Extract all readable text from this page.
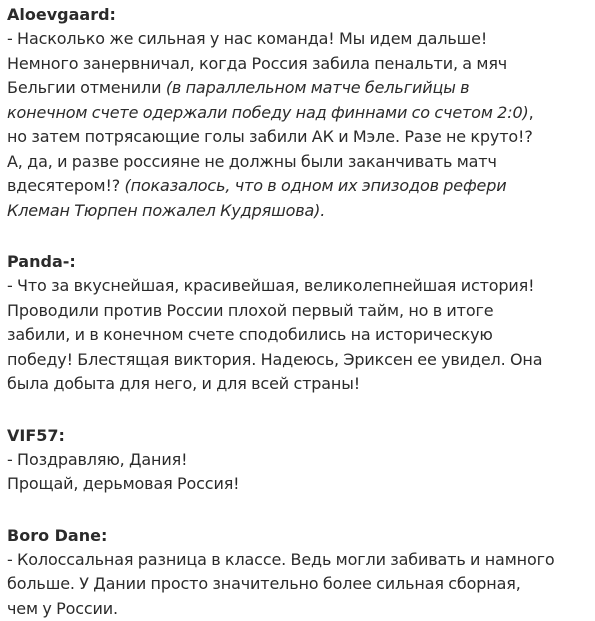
Aloevgaard:

- Насколько же сильная у нас команда! Мы идем дальше!

Немного занервничал, когда Россия забила пенальти, а мяч

Бельгии отменили (в параллельном матче бельгийцы в

конечном счете одержали победу над финнами со счетом 2:0),

но затем потрясающие голы забили АК и Мэле. Разе не круто!?

А, да, и разве россияне не должны были заканчивать матч

вдесятером!? (показалось, что в одном их эпизодов рефери

Клеман Тюрпен пожалел Кудряшова).

Panda-:

- Что за вкуснейшая, красивейшая, великолепнейшая история!

Проводили против России плохой первый тайм, но в итоге

забили, и в конечном счете сподобились на историческую

победу! Блестящая виктория. Надеюсь, Эриксен ее увидел. Она

была добыта для него, и для всей страны!

VIF57:

- Поздравляю, Дания!

Прощай, дерьмовая Россия!

Boro Dane:

- Колоссальная разница в классе. Ведь могли забивать и намного

больше. У Дании просто значительно более сильная сборная,

чем у России.
